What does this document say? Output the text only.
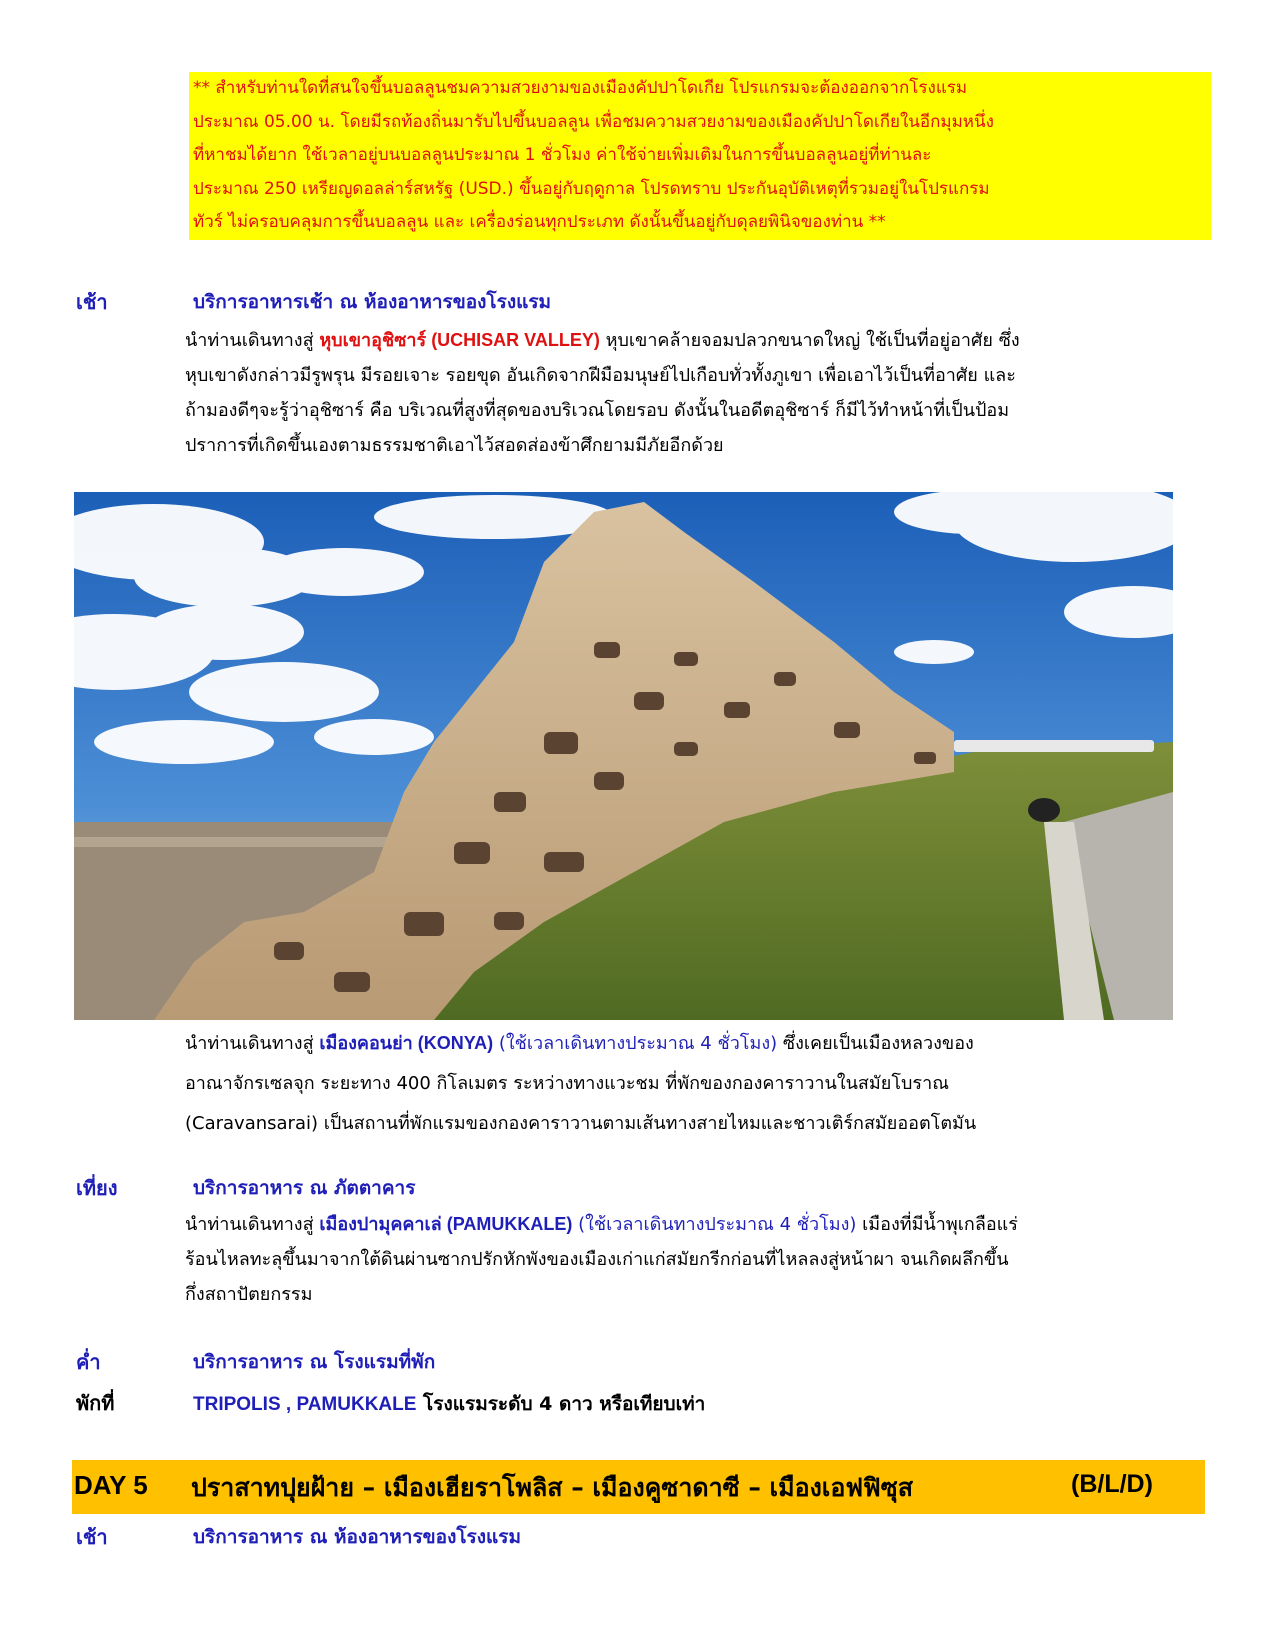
** สำหรับท่านใดที่สนใจขึ้นบอลลูนชมความสวยงามของเมืองคัปปาโดเกีย โปรแกรมจะต้องออกจากโรงแรม
ประมาณ 05.00 น. โดยมีรถท้องถิ่นมารับไปขึ้นบอลลูน เพื่อชมความสวยงามของเมืองคัปปาโดเกียในอีกมุมหนึ่ง
ที่หาชมได้ยาก ใช้เวลาอยู่บนบอลลูนประมาณ 1 ชั่วโมง ค่าใช้จ่ายเพิ่มเติมในการขึ้นบอลลูนอยู่ที่ท่านละ
ประมาณ 250 เหรียญดอลล่าร์สหรัฐ (USD.) ขึ้นอยู่กับฤดูกาล โปรดทราบ ประกันอุบัติเหตุที่รวมอยู่ในโปรแกรม
ทัวร์ ไม่ครอบคลุมการขึ้นบอลลูน และ เครื่องร่อนทุกประเภท ดังนั้นขึ้นอยู่กับดุลยพินิจของท่าน **
เช้า	บริการอาหารเช้า ณ ห้องอาหารของโรงแรม
นำท่านเดินทางสู่ หุบเขาอุชิซาร์ (UCHISAR VALLEY) หุบเขาคล้ายจอมปลวกขนาดใหญ่ ใช้เป็นที่อยู่อาศัย ซึ่ง
หุบเขาดังกล่าวมีรูพรุน มีรอยเจาะ รอยขุด อันเกิดจากฝีมือมนุษย์ไปเกือบทั่วทั้งภูเขา เพื่อเอาไว้เป็นที่อาศัย และ
ถ้ามองดีๆจะรู้ว่าอุชิซาร์ คือ บริเวณที่สูงที่สุดของบริเวณโดยรอบ ดังนั้นในอดีตอุชิซาร์ ก็มีไว้ทำหน้าที่เป็นป้อม
ปราการที่เกิดขึ้นเองตามธรรมชาติเอาไว้สอดส่องข้าศึกยามมีภัยอีกด้วย
นำท่านเดินทางสู่ เมืองคอนย่า (KONYA) (ใช้เวลาเดินทางประมาณ 4 ชั่วโมง) ซึ่งเคยเป็นเมืองหลวงของ
อาณาจักรเซลจุก ระยะทาง 400 กิโลเมตร ระหว่างทางแวะชม ที่พักของกองคาราวานในสมัยโบราณ
(Caravansarai) เป็นสถานที่พักแรมของกองคาราวานตามเส้นทางสายไหมและชาวเติร์กสมัยออตโตมัน
เที่ยง	บริการอาหาร ณ ภัตตาคาร
นำท่านเดินทางสู่ เมืองปามุคคาเล่ (PAMUKKALE) (ใช้เวลาเดินทางประมาณ 4 ชั่วโมง) เมืองที่มีน้ำพุเกลือแร่
ร้อนไหลทะลุขึ้นมาจากใต้ดินผ่านซากปรักหักพังของเมืองเก่าแก่สมัยกรีกก่อนที่ไหลลงสู่หน้าผา จนเกิดผลึกขึ้น
กึ่งสถาปัตยกรรม
ค่ำ	บริการอาหาร ณ โรงแรมที่พัก
พักที่	TRIPOLIS , PAMUKKALE โรงแรมระดับ 4 ดาว หรือเทียบเท่า
DAY 5 ปราสาทปุยฝ้าย – เมืองเฮียราโพลิส – เมืองคูซาดาซี – เมืองเอฟฟิซุส	(B/L/D)
เช้า	บริการอาหาร ณ ห้องอาหารของโรงแรม
